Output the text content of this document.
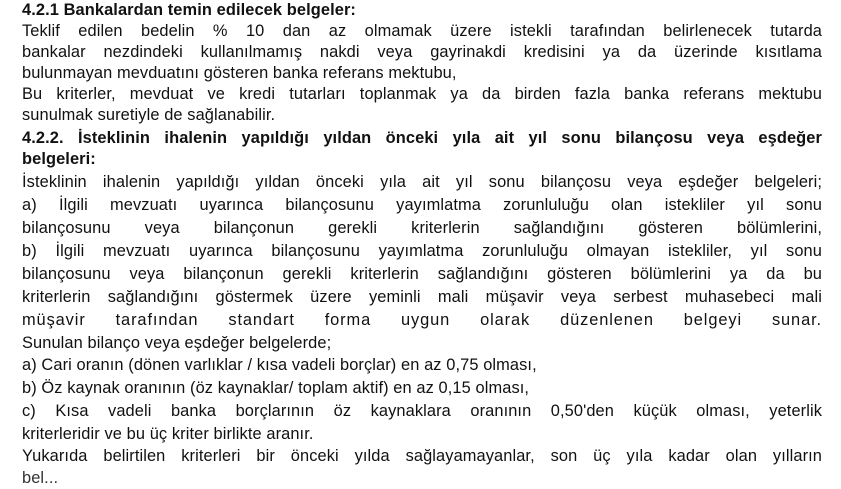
4.2.1 Bankalardan temin edilecek belgeler:
Teklif edilen bedelin % 10 dan az olmamak üzere istekli tarafından belirlenecek tutarda
bankalar nezdindeki kullanılmamış nakdi veya gayrinakdi kredisini ya da üzerinde kısıtlama
bulunmayan mevduatını gösteren banka referans mektubu,
Bu kriterler, mevduat ve kredi tutarları toplanmak ya da birden fazla banka referans mektubu
sunulmak suretiyle de sağlanabilir.
4.2.2. İsteklinin ihalenin yapıldığı yıldan önceki yıla ait yıl sonu bilançosu veya eşdeğer
belgeleri:
İsteklinin ihalenin yapıldığı yıldan önceki yıla ait yıl sonu bilançosu veya eşdeğer belgeleri;
a) İlgili mevzuatı uyarınca bilançosunu yayımlatma zorunluluğu olan istekliler yıl sonu
bilançosunu veya bilançonun gerekli kriterlerin sağlandığını gösteren bölümlerini,
b) İlgili mevzuatı uyarınca bilançosunu yayımlatma zorunluluğu olmayan istekliler, yıl sonu
bilançosunu veya bilançonun gerekli kriterlerin sağlandığını gösteren bölümlerini ya da bu
kriterlerin sağlandığını göstermek üzere yeminli mali müşavir veya serbest muhasebeci mali
müşavir tarafından standart forma uygun olarak düzenlenen belgeyi sunar.
Sunulan bilanço veya eşdeğer belgelerde;
a) Cari oranın (dönen varlıklar / kısa vadeli borçlar) en az 0,75 olması,
b) Öz kaynak oranının (öz kaynaklar/ toplam aktif) en az 0,15 olması,
c) Kısa vadeli banka borçlarının öz kaynaklara oranının 0,50'den küçük olması, yeterlik
kriterleridir ve bu üç kriter birlikte aranır.
Yukarıda belirtilen kriterleri bir önceki yılda sağlayamayanlar, son üç yıla kadar olan yılların
bel...
